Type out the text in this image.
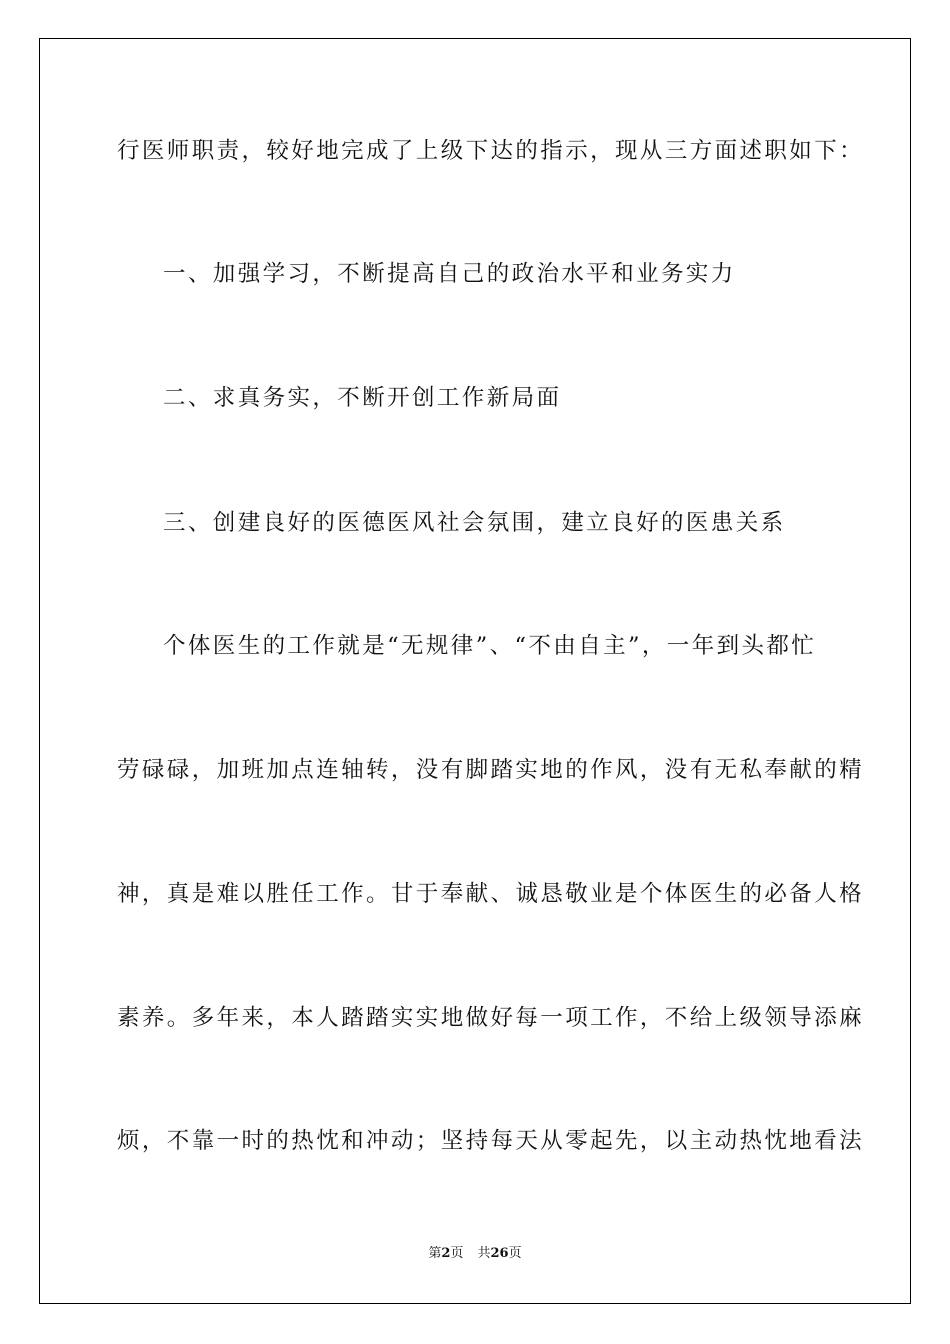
行医师职责，较好地完成了上级下达的指示，现从三方面述职如下：
一、加强学习，不断提高自己的政治水平和业务实力
二、求真务实，不断开创工作新局面
三、创建良好的医德医风社会氛围，建立良好的医患关系
个体医生的工作就是“无规律”、“不由自主”，一年到头都忙
劳碌碌，加班加点连轴转，没有脚踏实地的作风，没有无私奉献的精
神，真是难以胜任工作。甘于奉献、诚恳敬业是个体医生的必备人格
素养。多年来，本人踏踏实实地做好每一项工作，不给上级领导添麻
烦，不靠一时的热忱和冲动；坚持每天从零起先，以主动热忱地看法
第2页 共26页
